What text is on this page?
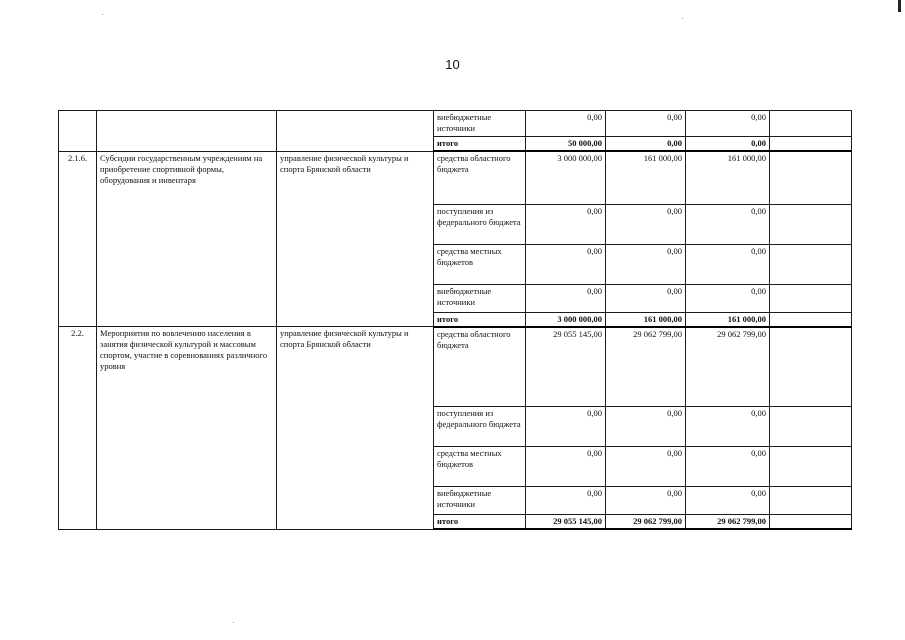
10
			внебюджетные источники	0,00	0,00	0,00	
			итого	50 000,00	0,00	0,00	
2.1.6.	Субсидии государственным учреждениям на приобретение спортивной формы, оборудования и инвентаря	управление физической культуры и спорта Брянской области	средства областного бюджета	3 000 000,00	161 000,00	161 000,00	
			поступления из федерального бюджета	0,00	0,00	0,00	
			средства местных бюджетов	0,00	0,00	0,00	
			внебюджетные источники	0,00	0,00	0,00	
			итого	3 000 000,00	161 000,00	161 000,00	
2.2.	Мероприятия по вовлечению населения в занятия физической культурой и массовым спортом, участие в соревнованиях различного уровня	управление физической культуры и спорта Брянской области	средства областного бюджета	29 055 145,00	29 062 799,00	29 062 799,00	
			поступления из федерального бюджета	0,00	0,00	0,00	
			средства местных бюджетов	0,00	0,00	0,00	
			внебюджетные источники	0,00	0,00	0,00	
			итого	29 055 145,00	29 062 799,00	29 062 799,00	
